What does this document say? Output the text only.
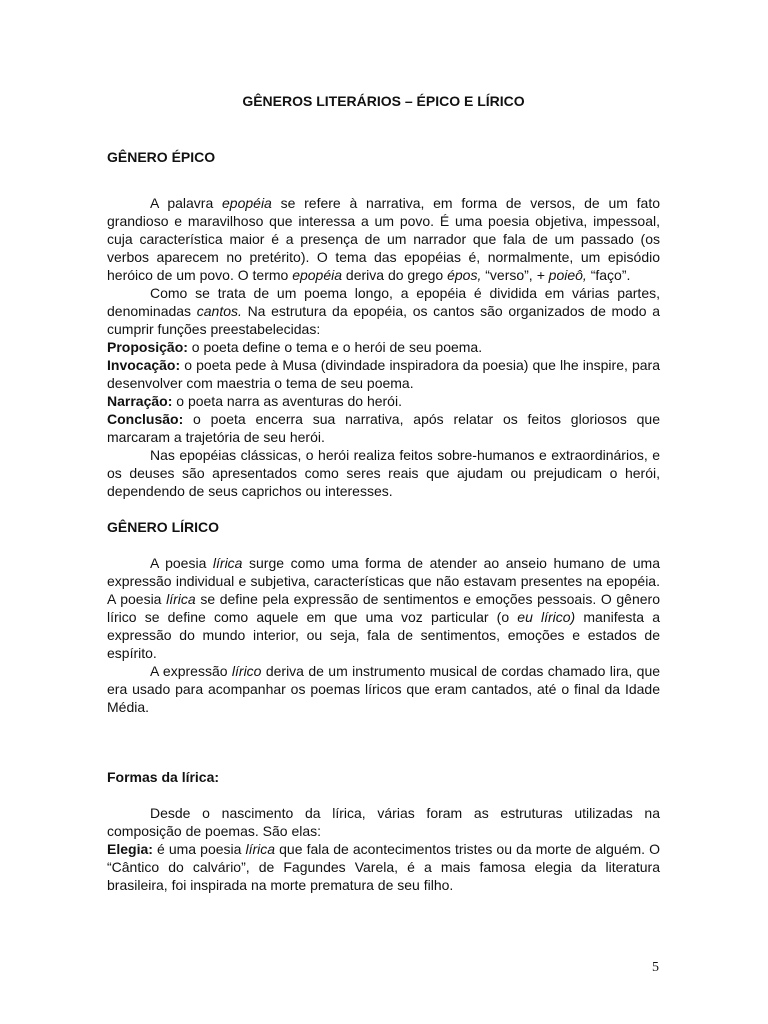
GÊNEROS LITERÁRIOS – ÉPICO E LÍRICO

GÊNERO ÉPICO

A palavra epopéia se refere à narrativa, em forma de versos, de um fato grandioso e maravilhoso que interessa a um povo. É uma poesia objetiva, impessoal, cuja característica maior é a presença de um narrador que fala de um passado (os verbos aparecem no pretérito). O tema das epopéias é, normalmente, um episódio heróico de um povo. O termo epopéia deriva do grego épos, “verso”, + poieô, “faço”.

Como se trata de um poema longo, a epopéia é dividida em várias partes, denominadas cantos. Na estrutura da epopéia, os cantos são organizados de modo a cumprir funções preestabelecidas:

Proposição: o poeta define o tema e o herói de seu poema.

Invocação: o poeta pede à Musa (divindade inspiradora da poesia) que lhe inspire, para desenvolver com maestria o tema de seu poema.

Narração: o poeta narra as aventuras do herói.

Conclusão: o poeta encerra sua narrativa, após relatar os feitos gloriosos que marcaram a trajetória de seu herói.

Nas epopéias clássicas, o herói realiza feitos sobre-humanos e extraordinários, e os deuses são apresentados como seres reais que ajudam ou prejudicam o herói, dependendo de seus caprichos ou interesses.

GÊNERO LÍRICO

A poesia lírica surge como uma forma de atender ao anseio humano de uma expressão individual e subjetiva, características que não estavam presentes na epopéia. A poesia lírica se define pela expressão de sentimentos e emoções pessoais. O gênero lírico se define como aquele em que uma voz particular (o eu lírico) manifesta a expressão do mundo interior, ou seja, fala de sentimentos, emoções e estados de espírito.

A expressão lírico deriva de um instrumento musical de cordas chamado lira, que era usado para acompanhar os poemas líricos que eram cantados, até o final da Idade Média.

Formas da lírica:

Desde o nascimento da lírica, várias foram as estruturas utilizadas na composição de poemas. São elas:

Elegia: é uma poesia lírica que fala de acontecimentos tristes ou da morte de alguém. O “Cântico do calvário”, de Fagundes Varela, é a mais famosa elegia da literatura brasileira, foi inspirada na morte prematura de seu filho.

5
